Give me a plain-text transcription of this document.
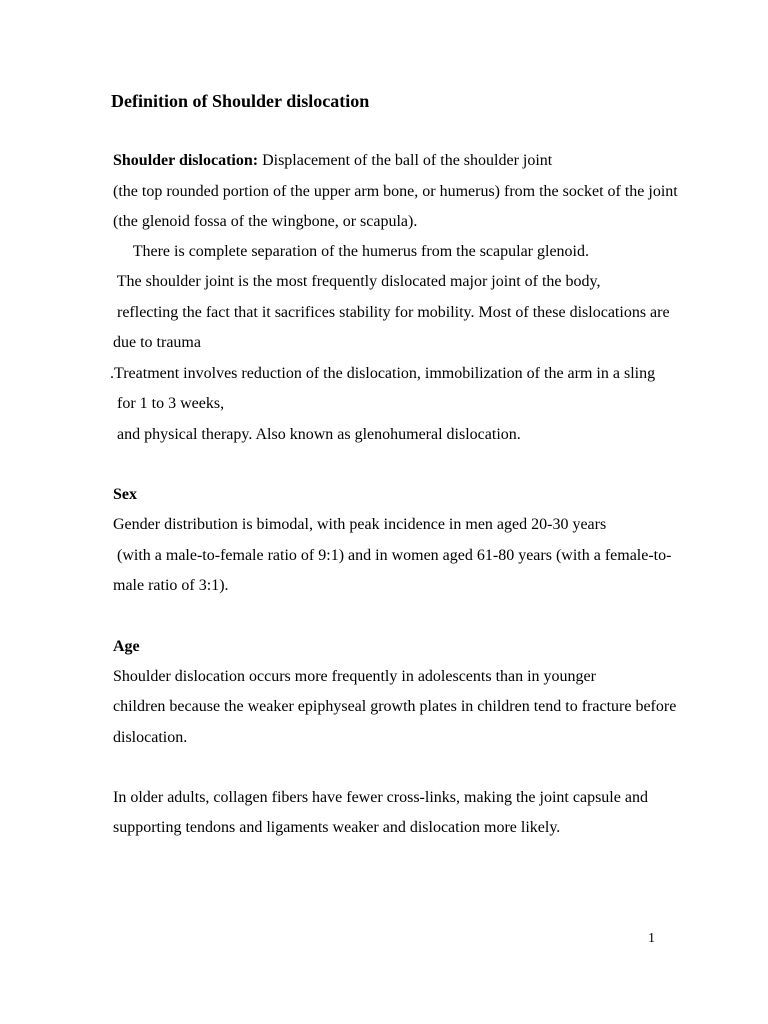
Definition of Shoulder dislocation
Shoulder dislocation: Displacement of the ball of the shoulder joint
(the top rounded portion of the upper arm bone, or humerus) from the socket of the joint
(the glenoid fossa of the wingbone, or scapula).
There is complete separation of the humerus from the scapular glenoid.
The shoulder joint is the most frequently dislocated major joint of the body,
reflecting the fact that it sacrifices stability for mobility. Most of these dislocations are
due to trauma
.Treatment involves reduction of the dislocation, immobilization of the arm in a sling
for 1 to 3 weeks,
and physical therapy. Also known as glenohumeral dislocation.
Sex
Gender distribution is bimodal, with peak incidence in men aged 20-30 years
(with a male-to-female ratio of 9:1) and in women aged 61-80 years (with a female-to-
male ratio of 3:1).
Age
Shoulder dislocation occurs more frequently in adolescents than in younger
children because the weaker epiphyseal growth plates in children tend to fracture before
dislocation.
In older adults, collagen fibers have fewer cross-links, making the joint capsule and
supporting tendons and ligaments weaker and dislocation more likely.
1
